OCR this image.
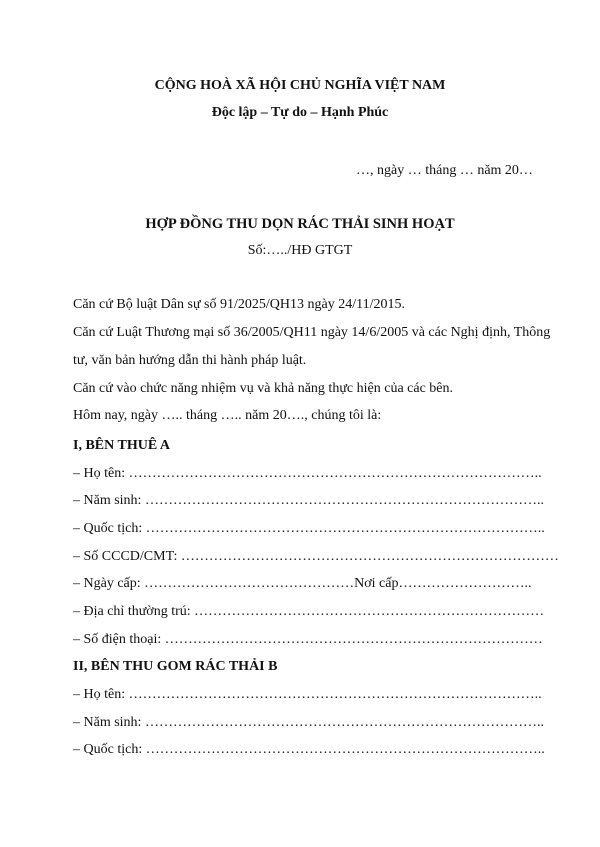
CỘNG HOÀ XÃ HỘI CHỦ NGHĨA VIỆT NAM
Độc lập – Tự do – Hạnh Phúc
…, ngày … tháng … năm 20…
HỢP ĐỒNG THU DỌN RÁC THẢI SINH HOẠT
Số:…../HĐ GTGT
Căn cứ Bộ luật Dân sự số 91/2025/QH13 ngày 24/11/2015.
Căn cứ Luật Thương mại số 36/2005/QH11 ngày 14/6/2005 và các Nghị định, Thông
tư, văn bản hướng dẫn thi hành pháp luật.
Căn cứ vào chức năng nhiệm vụ và khả năng thực hiện của các bên.
Hôm nay, ngày ….. tháng ….. năm 20…., chúng tôi là:
I, BÊN THUÊ A
– Họ tên: ……………………………………………………………………………..
– Năm sinh: …………………………………………………………………………..
– Quốc tịch: …………………………………………………………………………..
– Số CCCD/CMT: ………………………………………………………………………
– Ngày cấp: ………………………………………Nơi cấp………………………..
– Địa chỉ thường trú: …………………………………………………………………
– Số điện thoại: ………………………………………………………………………
II, BÊN THU GOM RÁC THẢI B
– Họ tên: ……………………………………………………………………………..
– Năm sinh: …………………………………………………………………………..
– Quốc tịch: …………………………………………………………………………..
